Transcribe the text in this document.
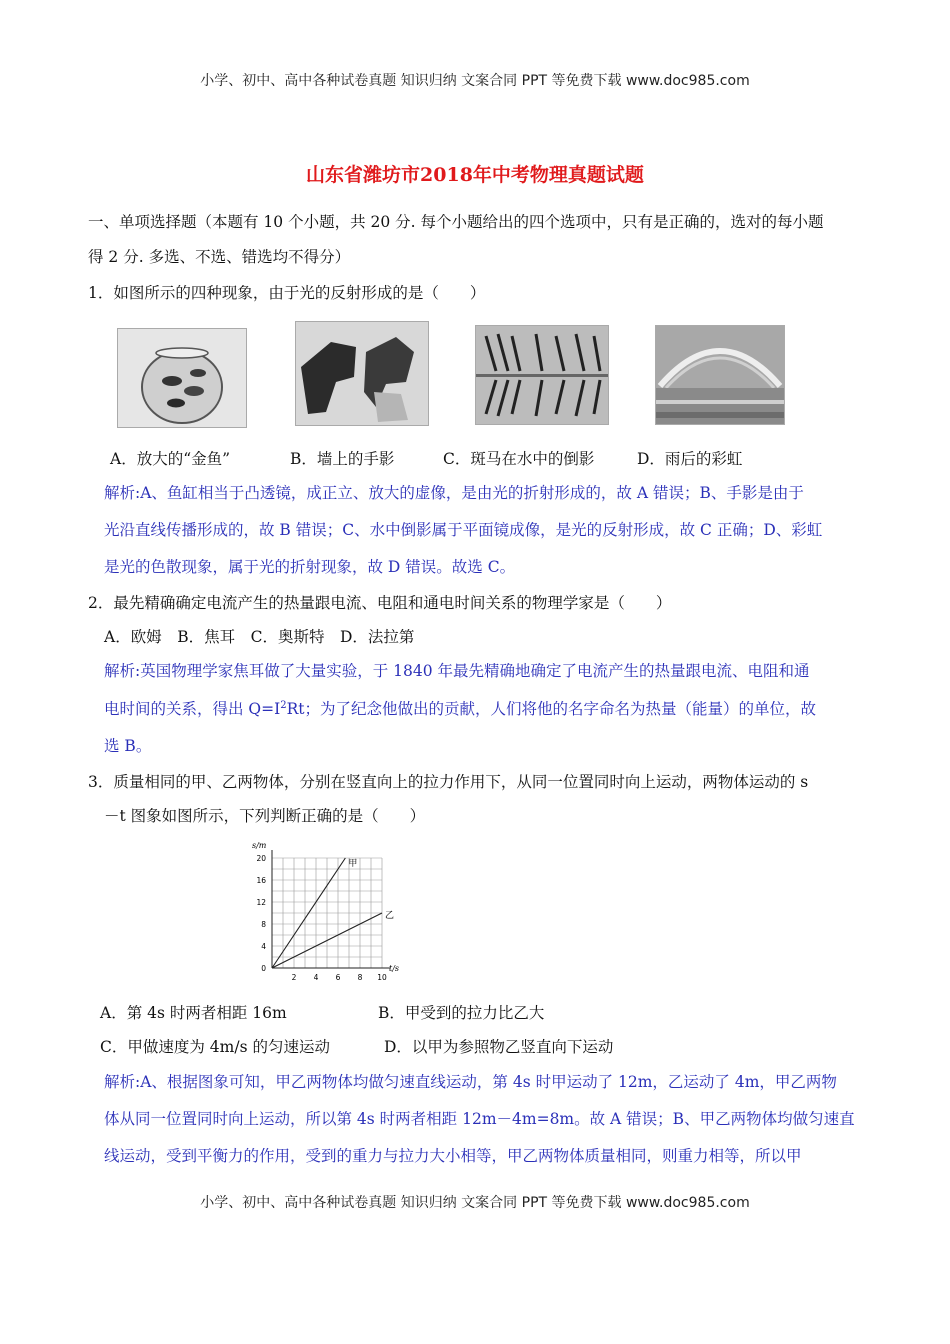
小学、初中、高中各种试卷真题 知识归纳 文案合同 PPT 等免费下载 www.doc985.com
山东省潍坊市2018年中考物理真题试题
一、单项选择题（本题有 10 个小题，共 20 分. 每个小题给出的四个选项中，只有是正确的，选对的每小题
得 2 分. 多选、不选、错选均不得分）
1．如图所示的四种现象，由于光的反射形成的是（　　）
A．放大的“金鱼”	B．墙上的手影	C．斑马在水中的倒影	D．雨后的彩虹
解析:A、鱼缸相当于凸透镜，成正立、放大的虚像，是由光的折射形成的，故 A 错误；B、手影是由于
光沿直线传播形成的，故 B 错误；C、水中倒影属于平面镜成像，是光的反射形成，故 C 正确；D、彩虹
是光的色散现象，属于光的折射现象，故 D 错误。故选 C。
2．最先精确确定电流产生的热量跟电流、电阻和通电时间关系的物理学家是（　　）
A．欧姆　B．焦耳　C．奥斯特　D．法拉第
解析:英国物理学家焦耳做了大量实验，于 1840 年最先精确地确定了电流产生的热量跟电流、电阻和通
电时间的关系，得出 $Q=I^2Rt$；为了纪念他做出的贡献，人们将他的名字命名为热量（能量）的单位，故
选 B。
3．质量相同的甲、乙两物体，分别在竖直向上的拉力作用下，从同一位置同时向上运动，两物体运动的 s
－t 图象如图所示，下列判断正确的是（　　）
s/m
t/s
2 4 6 8 10
0
4
8
12
16
20
甲
乙
A．第 4s 时两者相距 16m	B．甲受到的拉力比乙大
C．甲做速度为 4m/s 的匀速运动	D．以甲为参照物乙竖直向下运动
解析:A、根据图象可知，甲乙两物体均做匀速直线运动，第 4s 时甲运动了 12m，乙运动了 4m，甲乙两物
体从同一位置同时向上运动，所以第 4s 时两者相距 12m－4m=8m。故 A 错误；B、甲乙两物体均做匀速直
线运动，受到平衡力的作用，受到的重力与拉力大小相等，甲乙两物体质量相同，则重力相等，所以甲
小学、初中、高中各种试卷真题 知识归纳 文案合同 PPT 等免费下载 www.doc985.com
